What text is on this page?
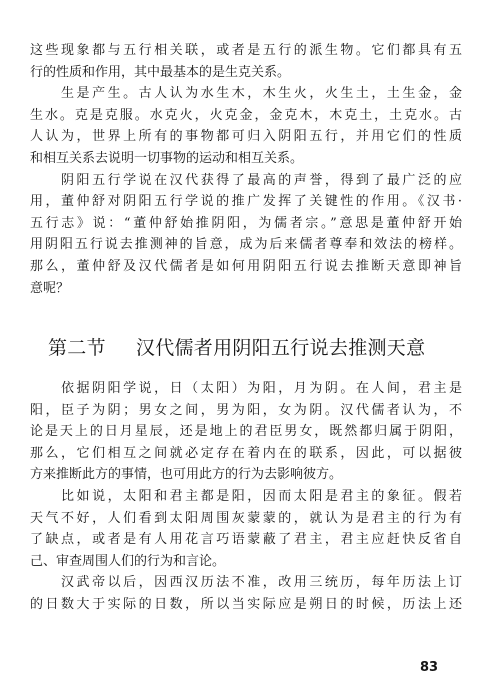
这些现象都与五行相关联，或者是五行的派生物。它们都具有五
行的性质和作用，其中最基本的是生克关系。
　　生是产生。古人认为水生木，木生火，火生土，土生金，金
生水。克是克服。水克火，火克金，金克木，木克土，土克水。古
人认为，世界上所有的事物都可归入阴阳五行，并用它们的性质
和相互关系去说明一切事物的运动和相互关系。
　　阴阳五行学说在汉代获得了最高的声誉，得到了最广泛的应
用，董仲舒对阴阳五行学说的推广发挥了关键性的作用。《汉书·
五行志》说：“董仲舒始推阴阳，为儒者宗。”意思是董仲舒开始
用阴阳五行说去推测神的旨意，成为后来儒者尊奉和效法的榜样。
那么，董仲舒及汉代儒者是如何用阴阳五行说去推断天意即神旨
意呢？
第二节 汉代儒者用阴阳五行说去推测天意
　　依据阴阳学说，日（太阳）为阳，月为阴。在人间，君主是
阳，臣子为阴；男女之间，男为阳，女为阴。汉代儒者认为，不
论是天上的日月星辰，还是地上的君臣男女，既然都归属于阴阳，
那么，它们相互之间就必定存在着内在的联系，因此，可以据彼
方来推断此方的事情，也可用此方的行为去影响彼方。
　　比如说，太阳和君主都是阳，因而太阳是君主的象征。假若
天气不好，人们看到太阳周围灰蒙蒙的，就认为是君主的行为有
了缺点，或者是有人用花言巧语蒙蔽了君主，君主应赶快反省自
己、审查周围人们的行为和言论。
　　汉武帝以后，因西汉历法不准，改用三统历，每年历法上订
的日数大于实际的日数，所以当实际应是朔日的时候，历法上还
83
